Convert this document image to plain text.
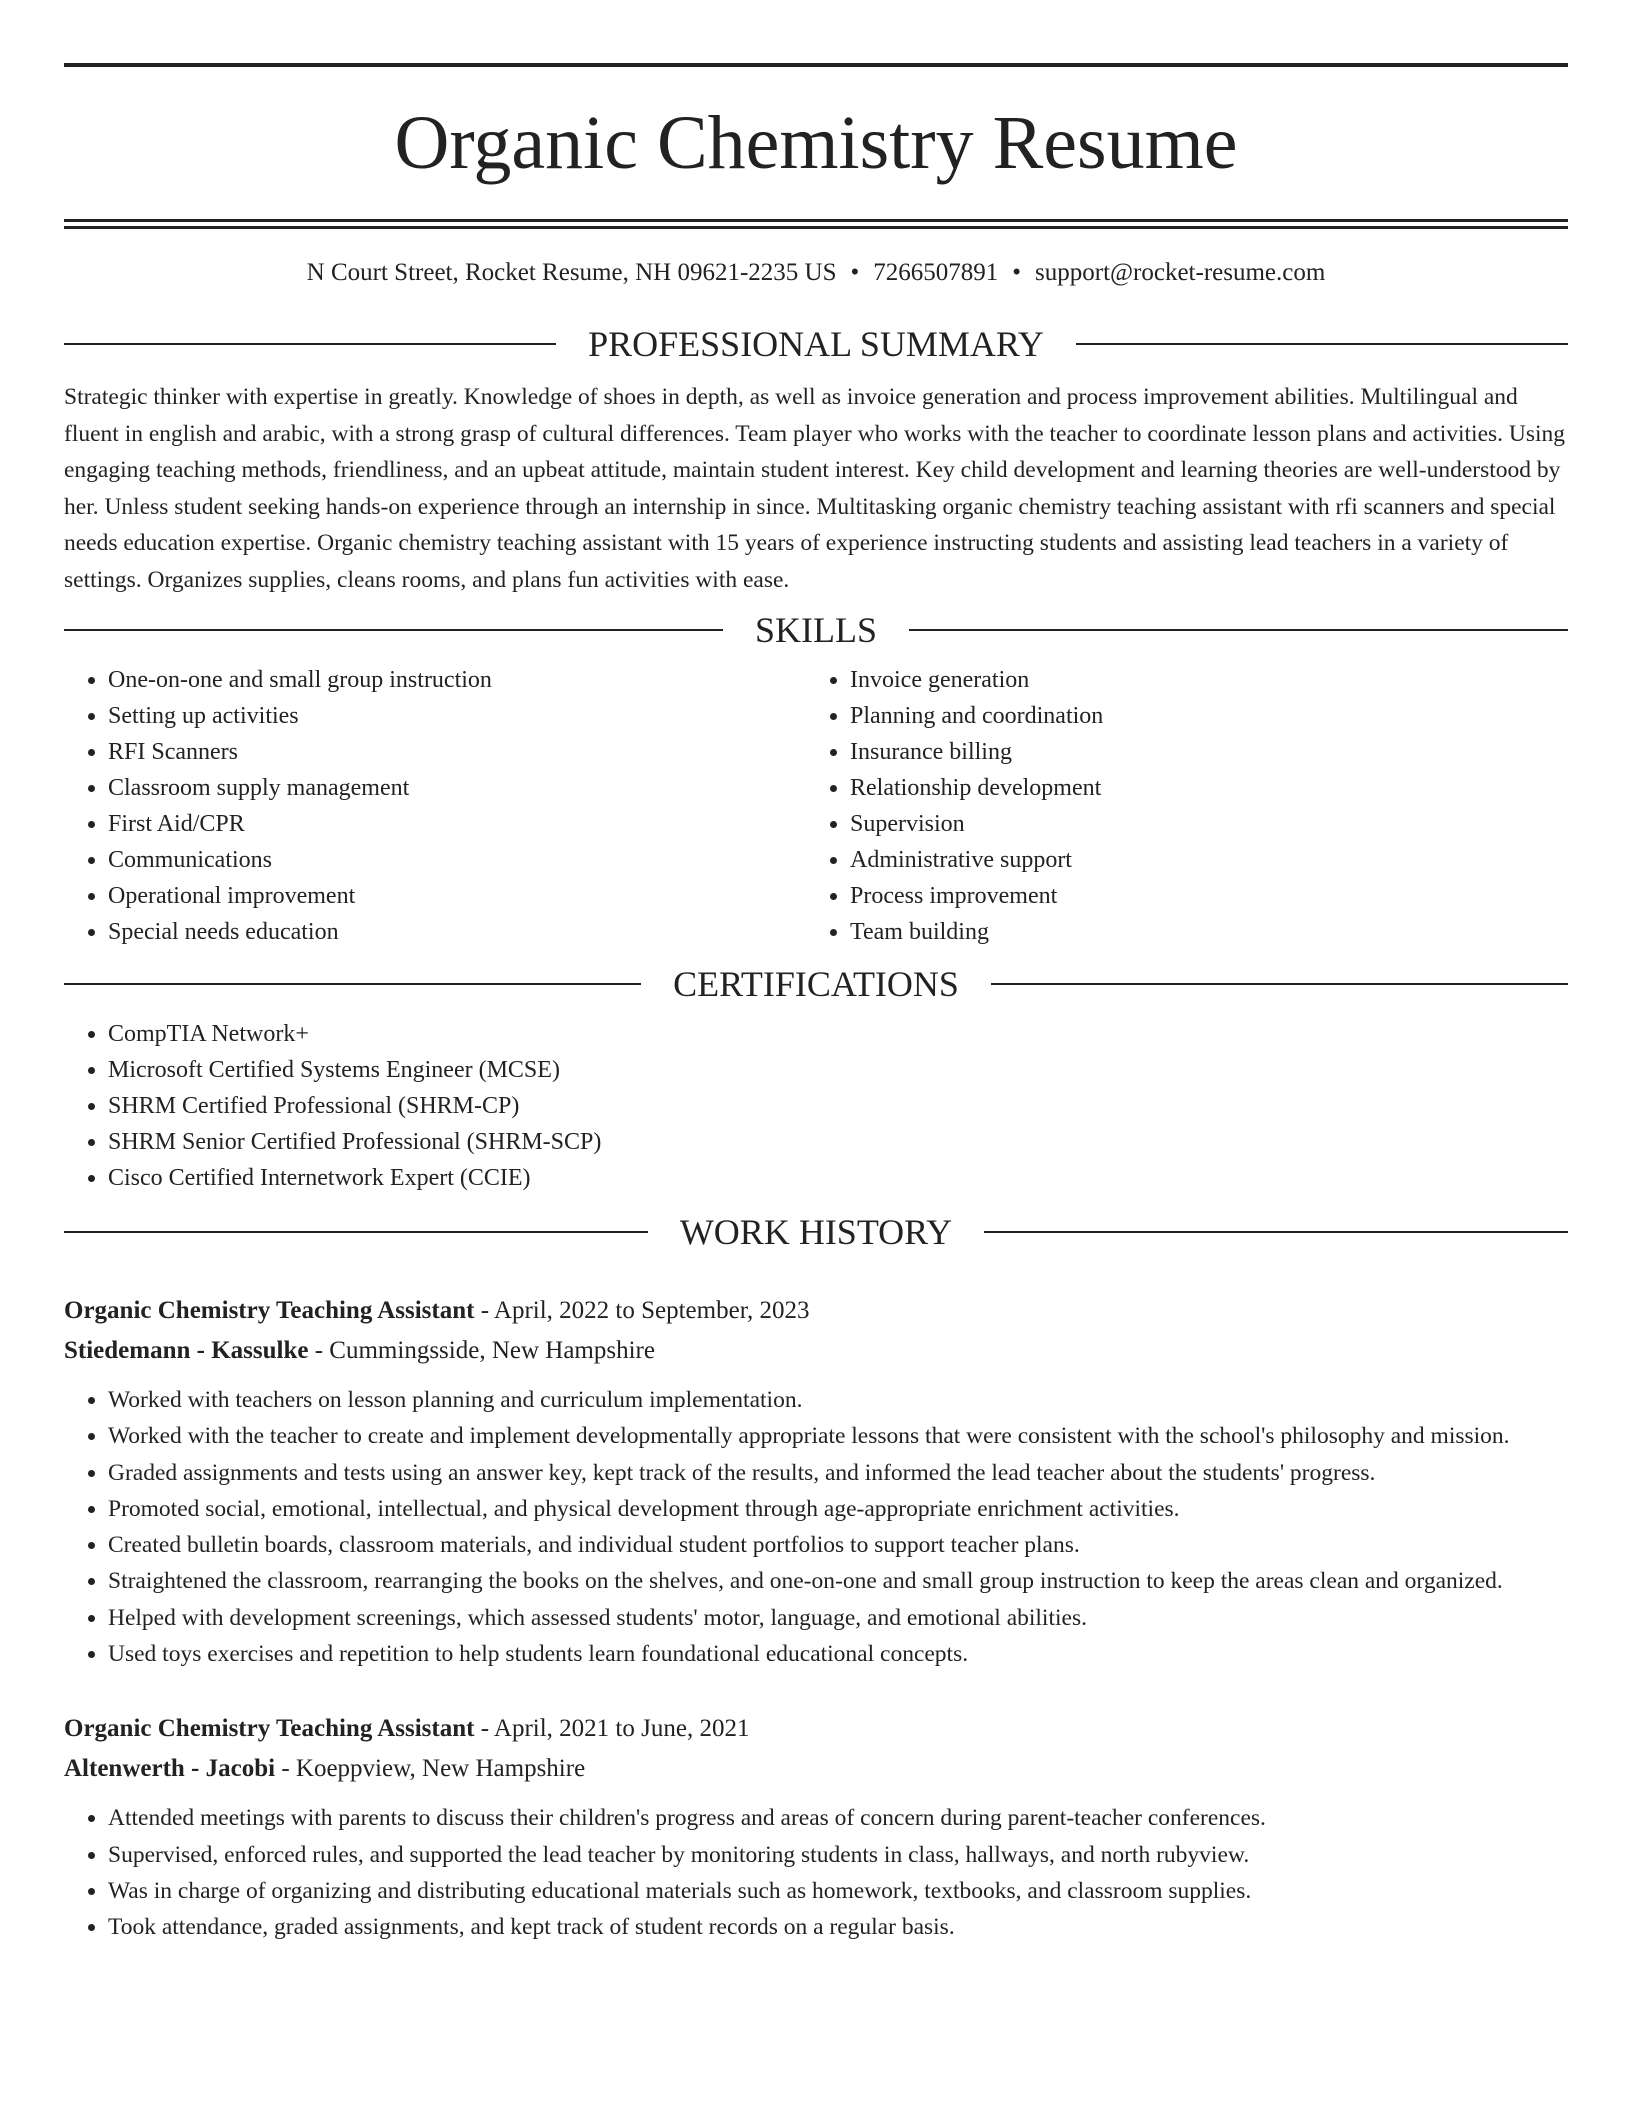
Organic Chemistry Resume
N Court Street, Rocket Resume, NH 09621-2235 US • 7266507891 • support@rocket-resume.com
PROFESSIONAL SUMMARY

Strategic thinker with expertise in greatly. Knowledge of shoes in depth, as well as invoice generation and process improvement abilities. Multilingual and fluent in english and arabic, with a strong grasp of cultural differences. Team player who works with the teacher to coordinate lesson plans and activities. Using engaging teaching methods, friendliness, and an upbeat attitude, maintain student interest. Key child development and learning theories are well-understood by her. Unless student seeking hands-on experience through an internship in since. Multitasking organic chemistry teaching assistant with rfi scanners and special needs education expertise. Organic chemistry teaching assistant with 15 years of experience instructing students and assisting lead teachers in a variety of settings. Organizes supplies, cleans rooms, and plans fun activities with ease.

SKILLS
• One-on-one and small group instruction
• Setting up activities
• RFI Scanners
• Classroom supply management
• First Aid/CPR
• Communications
• Operational improvement
• Special needs education
• Invoice generation
• Planning and coordination
• Insurance billing
• Relationship development
• Supervision
• Administrative support
• Process improvement
• Team building
CERTIFICATIONS
• CompTIA Network+
• Microsoft Certified Systems Engineer (MCSE)
• SHRM Certified Professional (SHRM-CP)
• SHRM Senior Certified Professional (SHRM-SCP)
• Cisco Certified Internetwork Expert (CCIE)
WORK HISTORY
Organic Chemistry Teaching Assistant - April, 2022 to September, 2023
Stiedemann - Kassulke - Cummingsside, New Hampshire
• Worked with teachers on lesson planning and curriculum implementation.
• Worked with the teacher to create and implement developmentally appropriate lessons that were consistent with the school's philosophy and mission.
• Graded assignments and tests using an answer key, kept track of the results, and informed the lead teacher about the students' progress.
• Promoted social, emotional, intellectual, and physical development through age-appropriate enrichment activities.
• Created bulletin boards, classroom materials, and individual student portfolios to support teacher plans.
• Straightened the classroom, rearranging the books on the shelves, and one-on-one and small group instruction to keep the areas clean and organized.
• Helped with development screenings, which assessed students' motor, language, and emotional abilities.
• Used toys exercises and repetition to help students learn foundational educational concepts.
Organic Chemistry Teaching Assistant - April, 2021 to June, 2021
Altenwerth - Jacobi - Koeppview, New Hampshire
• Attended meetings with parents to discuss their children's progress and areas of concern during parent-teacher conferences.
• Supervised, enforced rules, and supported the lead teacher by monitoring students in class, hallways, and north rubyview.
• Was in charge of organizing and distributing educational materials such as homework, textbooks, and classroom supplies.
• Took attendance, graded assignments, and kept track of student records on a regular basis.
